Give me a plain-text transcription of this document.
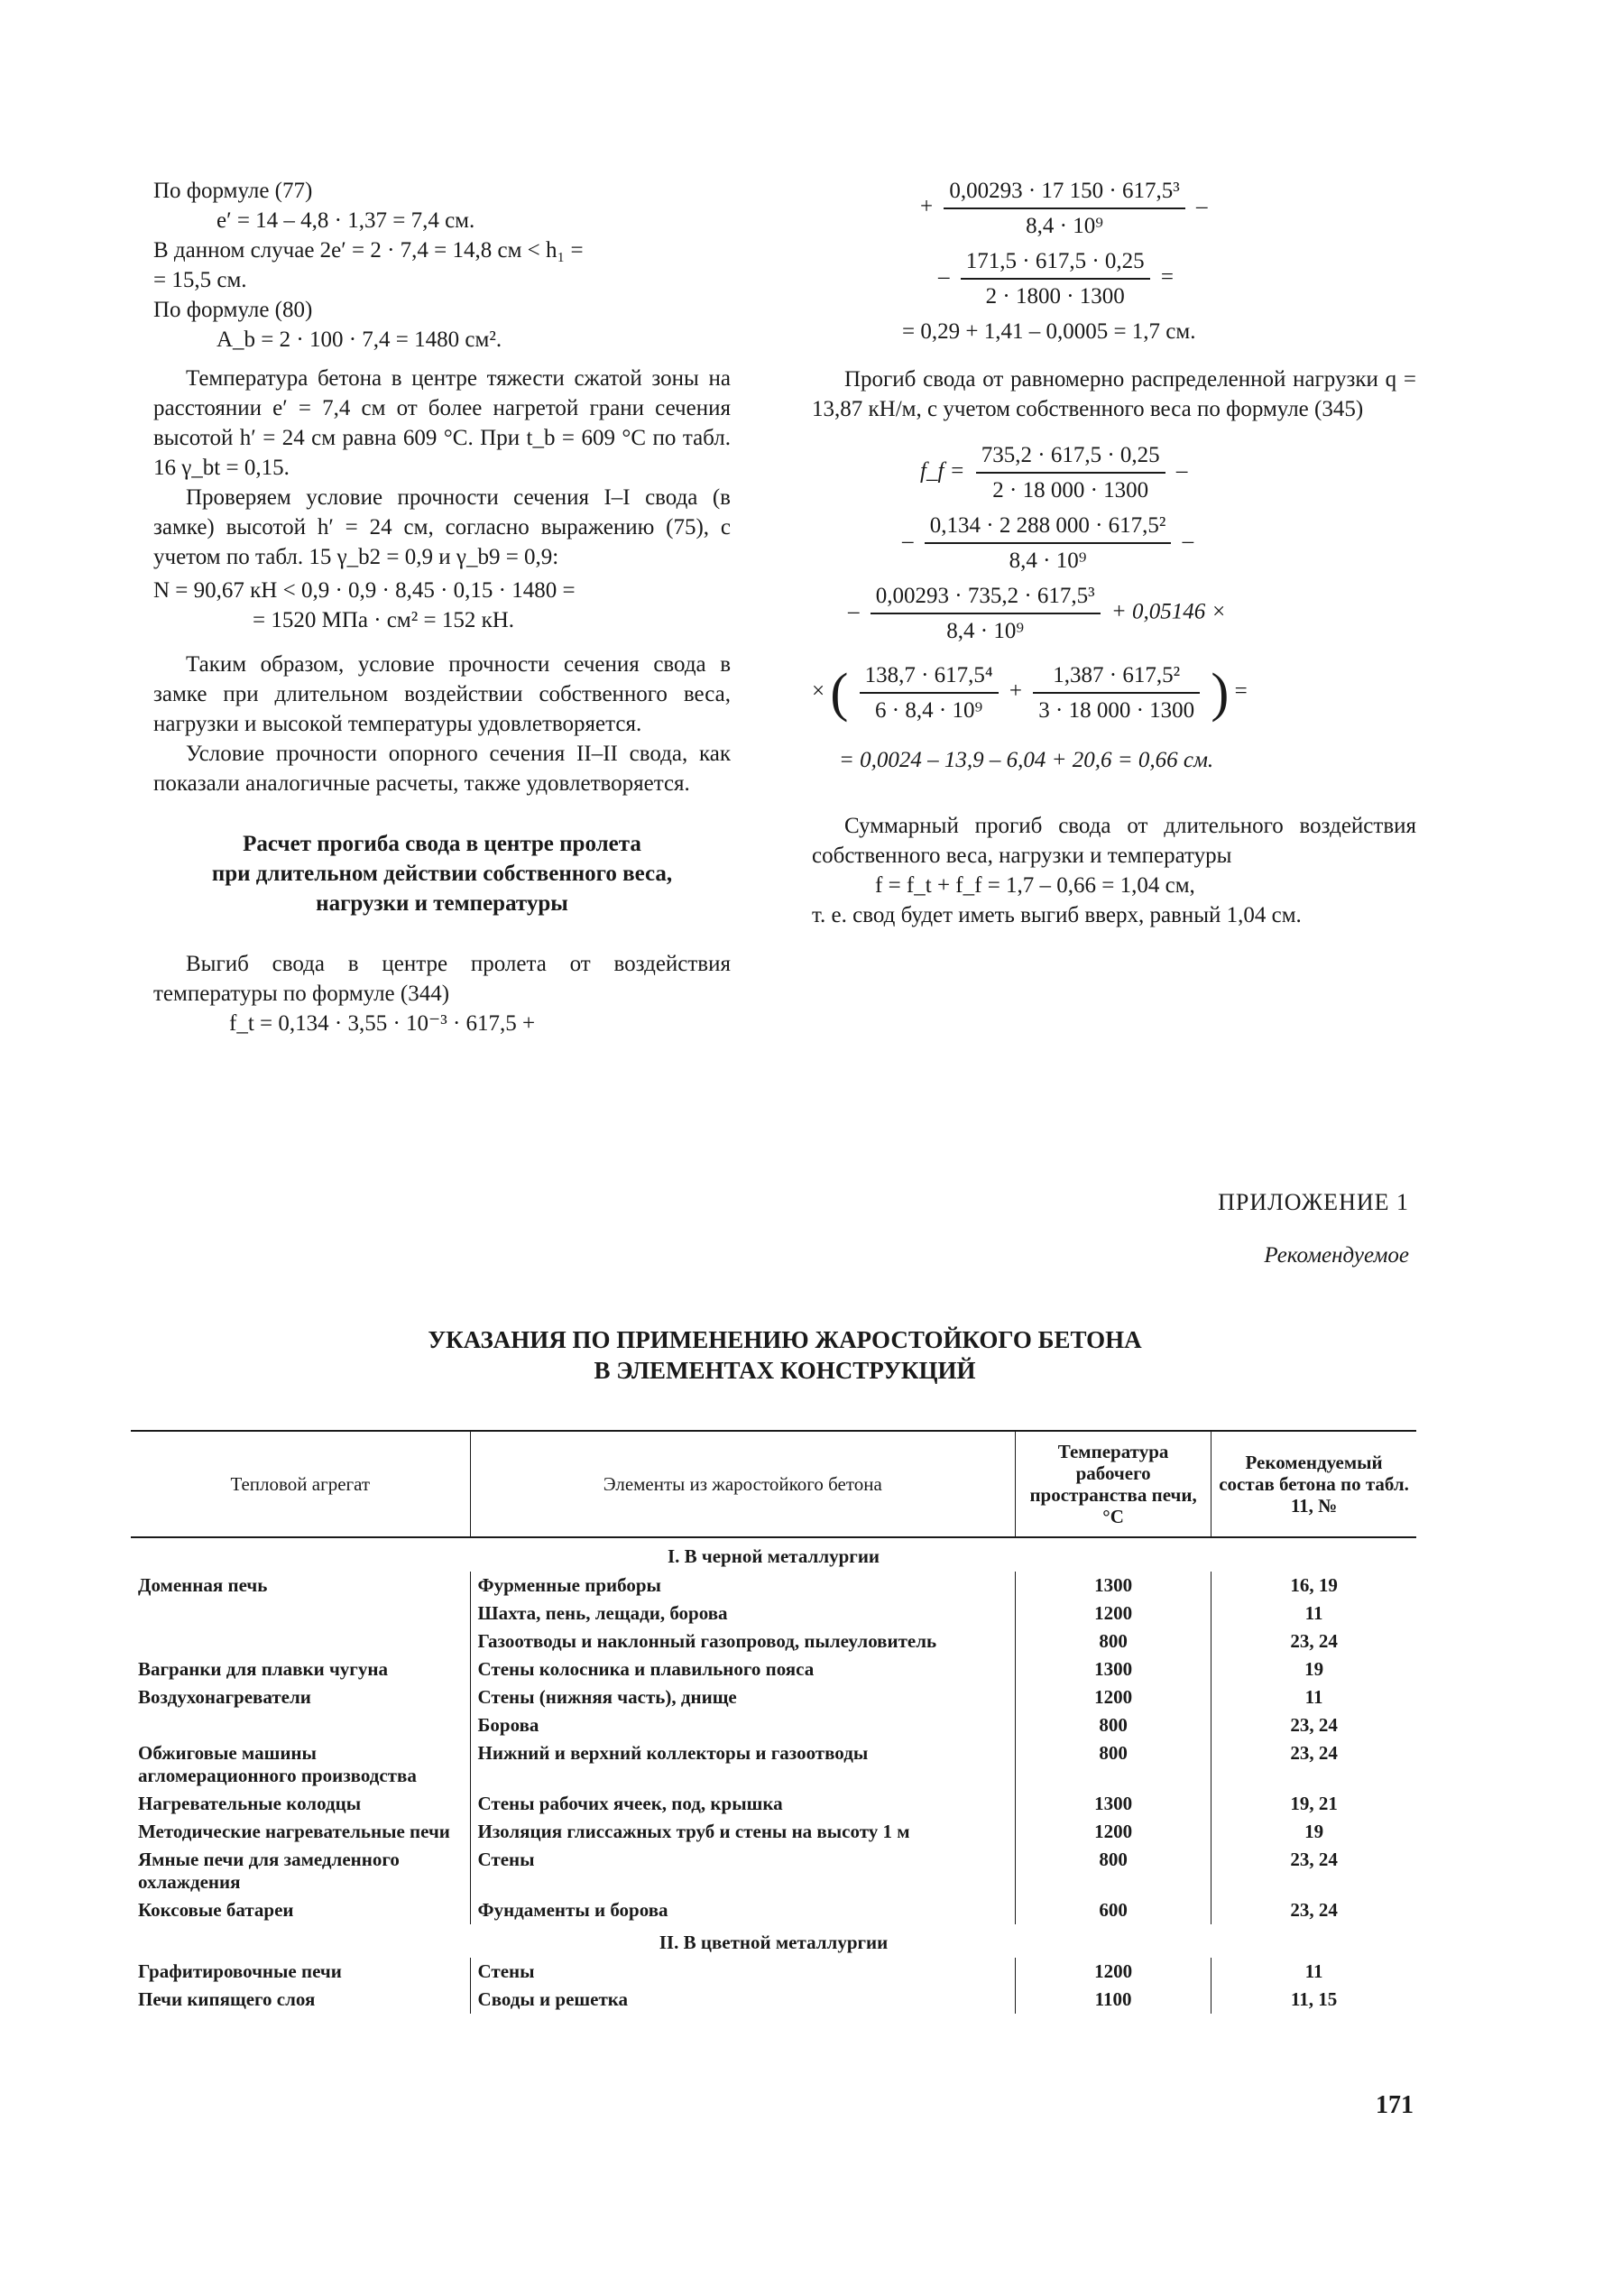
По формуле (77)
e′ = 14 – 4,8 · 1,37 = 7,4 см.
В данном случае 2e′ = 2 · 7,4 = 14,8 см < h₁ =
= 15,5 см.
По формуле (80)
A_b = 2 · 100 · 7,4 = 1480 см².

Температура бетона в центре тяжести сжатой зоны на расстоянии e′ = 7,4 см от более нагретой грани сечения высотой h′ = 24 см равна 609 °C. При t_b = 609 °C по табл. 16 γ_bt = 0,15.

Проверяем условие прочности сечения I–I свода (в замке) высотой h′ = 24 см, согласно выражению (75), с учетом по табл. 15 γ_b2 = 0,9 и γ_b9 = 0,9:

N = 90,67 кН < 0,9 · 0,9 · 8,45 · 0,15 · 1480 =
= 1520 МПа · см² = 152 кН.

Таким образом, условие прочности сечения свода в замке при длительном воздействии собственного веса, нагрузки и высокой температуры удовлетворяется.

Условие прочности опорного сечения II–II свода, как показали аналогичные расчеты, также удовлетворяется.

Расчет прогиба свода в центре пролета
при длительном действии собственного веса,
нагрузки и температуры

Выгиб свода в центре пролета от воздействия температуры по формуле (344)

f_t = 0,134 · 3,55 · 10⁻³ · 617,5 +
+ $\frac{\text{0,00293 · 17 150 · 617,5³}}{\text{8,4 · 10⁹}}$ –
– $\frac{171,5 \cdot 617,5 \cdot 0,25}{2 \cdot 1800 \cdot 1300}$ =
= 0,29 + 1,41 – 0,0005 = 1,7 см.

Прогиб свода от равномерно распределенной нагрузки q = 13,87 кН/м, с учетом собственного веса по формуле (345)

f_f = $\frac{735,2 \cdot 617,5 \cdot 0,25}{2 \cdot 18 000 \cdot 1300}$ –
– $\frac{\text{0,134 · 2 288 000 · 617,5²}}{\text{8,4 · 10⁹}}$ –
– $\frac{\text{0,00293 · 735,2 · 617,5³}}{\text{8,4 · 10⁹}} + 0,05146$ ×
× ( $\frac{\text{138,7 · 617,5⁴}}{\text{6 · 8,4 · 10⁹}} + \frac{\text{1,387 · 617,5²}}{3 \cdot 18 000 \cdot 1300}$ ) =
= 0,0024 – 13,9 – 6,04 + 20,6 = 0,66 см.

Суммарный прогиб свода от длительного воздействия собственного веса, нагрузки и температуры

f = f_t + f_f = 1,7 – 0,66 = 1,04 см,
т. е. свод будет иметь выгиб вверх, равный 1,04 см.
ПРИЛОЖЕНИЕ 1
Рекомендуемое
УКАЗАНИЯ ПО ПРИМЕНЕНИЮ ЖАРОСТОЙКОГО БЕТОНА
В ЭЛЕМЕНТАХ КОНСТРУКЦИЙ
Тепловой агрегат	Элементы из жаростойкого бетона	Температура рабочего пространства печи, °C	Рекомендуемый состав бетона по табл. 11, №
I. В черной металлургии			
Доменная печь	Фурменные приборы	1300	16, 19
	Шахта, пень, лещади, борова	1200	11
	Газоотводы и наклонный газопровод, пылеуловитель	800	23, 24
Вагранки для плавки чугуна	Стены колосника и плавильного пояса	1300	19
Воздухонагреватели	Стены (нижняя часть), днище	1200	11
	Борова	800	23, 24
Обжиговые машины агломерационного производства	Нижний и верхний коллекторы и газоотводы	800	23, 24
Нагревательные колодцы	Стены рабочих ячеек, под, крышка	1300	19, 21
Методические нагревательные печи	Изоляция глиссажных труб и стены на высоту 1 м	1200	19
Ямные печи для замедленного охлаждения	Стены	800	23, 24
Коксовые батареи	Фундаменты и борова	600	23, 24
II. В цветной металлургии			
Графитировочные печи	Стены	1200	11
Печи кипящего слоя	Своды и решетка	1100	11, 15
171
